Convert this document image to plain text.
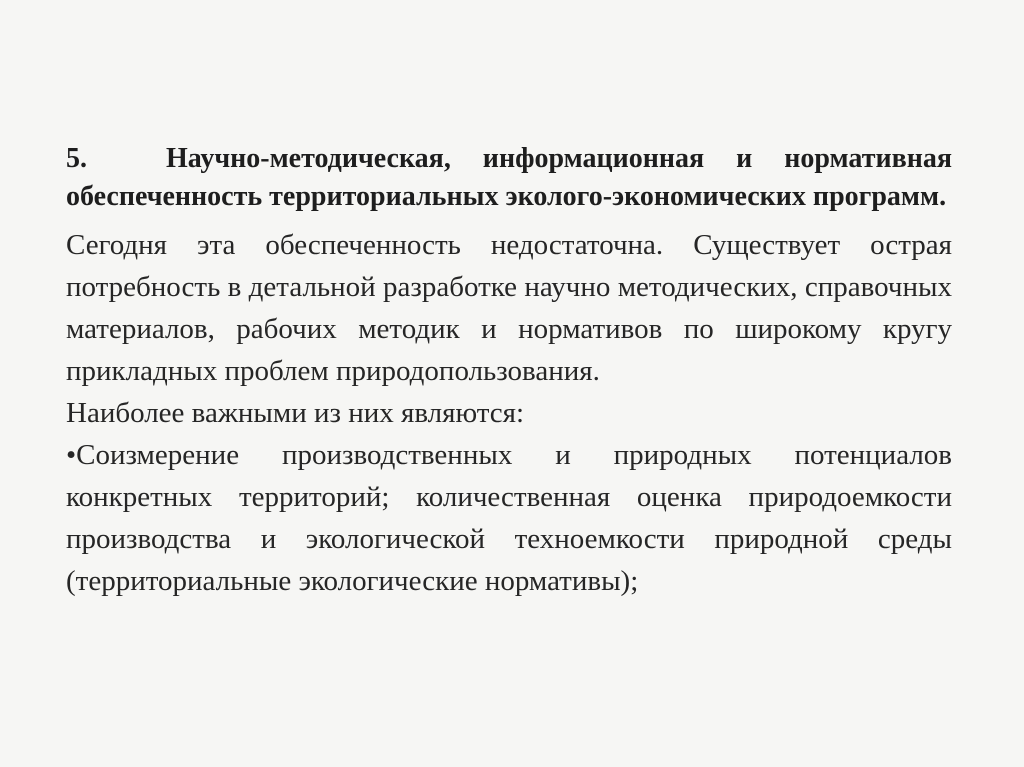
5.	Научно-методическая, информационная и нормативная обеспеченность территориальных эколого-экономических программ.

Сегодня эта обеспеченность недостаточна. Существует острая потребность в детальной разработке научно методических, справочных материалов, рабочих методик и нормативов по широкому кругу прикладных проблем природопользования.

Наиболее важными из них являются:

•Соизмерение производственных и природных потенциалов конкретных территорий; количественная оценка природоемкости производства и экологической техноемкости природной среды (территориальные экологические нормативы);
